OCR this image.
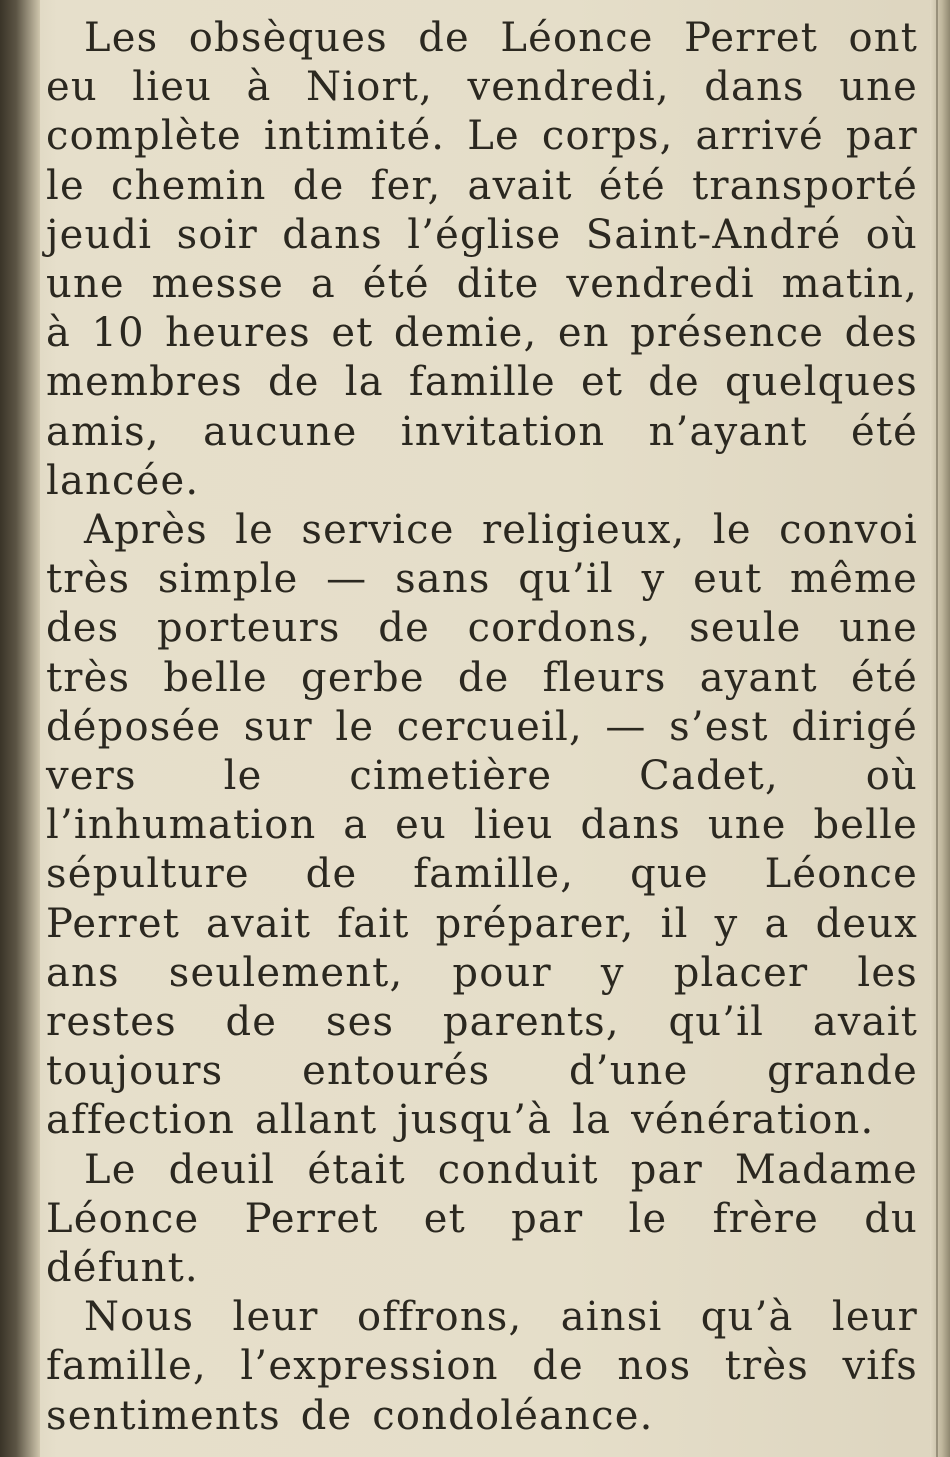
Les obsèques de Léonce Perret ont eu lieu à Niort, vendredi, dans une complète intimité. Le corps, arrivé par le chemin de fer, avait été transporté jeudi soir dans l’église Saint-André où une messe a été dite vendredi matin, à 10 heures et demie, en présence des membres de la famille et de quelques amis, aucune invitation n’ayant été lancée.

Après le service religieux, le convoi très simple — sans qu’il y eut même des porteurs de cordons, seule une très belle gerbe de fleurs ayant été déposée sur le cercueil, — s’est dirigé vers le cimetière Cadet, où l’inhumation a eu lieu dans une belle sépulture de famille, que Léonce Perret avait fait préparer, il y a deux ans seulement, pour y placer les restes de ses parents, qu’il avait toujours entourés d’une grande affection allant jusqu’à la vénération.

Le deuil était conduit par Madame Léonce Perret et par le frère du défunt.

Nous leur offrons, ainsi qu’à leur famille, l’expression de nos très vifs sentiments de condoléance.
